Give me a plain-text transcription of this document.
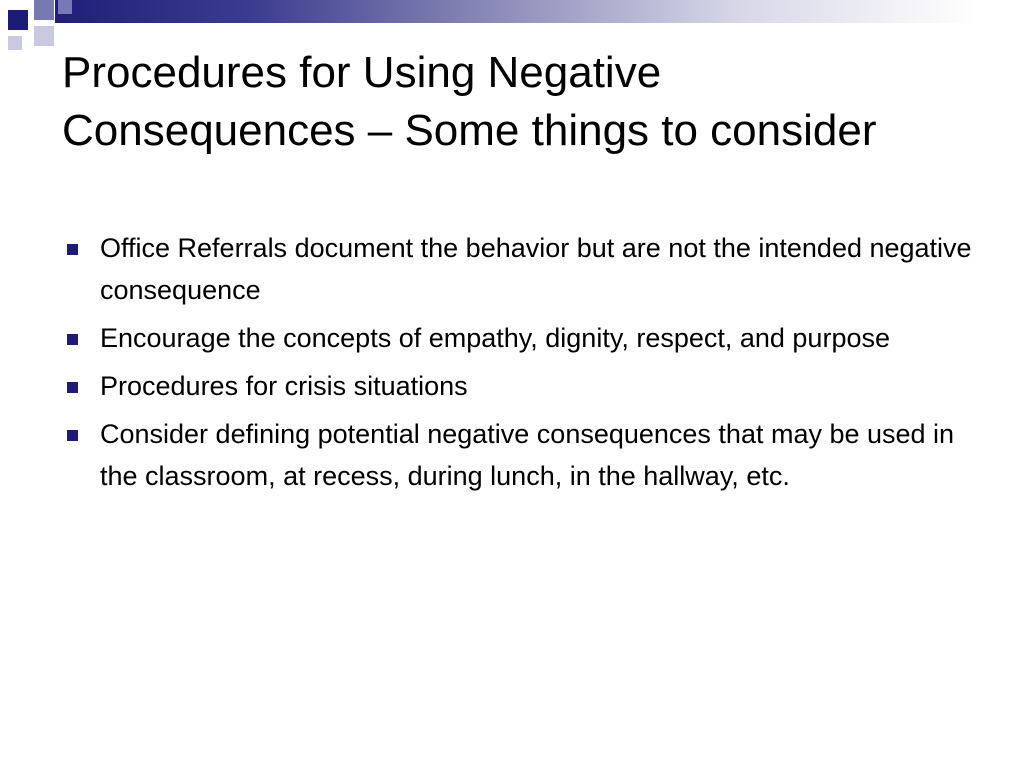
Procedures for Using Negative Consequences – Some things to consider
Office Referrals document the behavior but are not the intended negative consequence
Encourage the concepts of empathy, dignity, respect, and purpose
Procedures for crisis situations
Consider defining potential negative consequences that may be used in the classroom, at recess, during lunch, in the hallway, etc.
